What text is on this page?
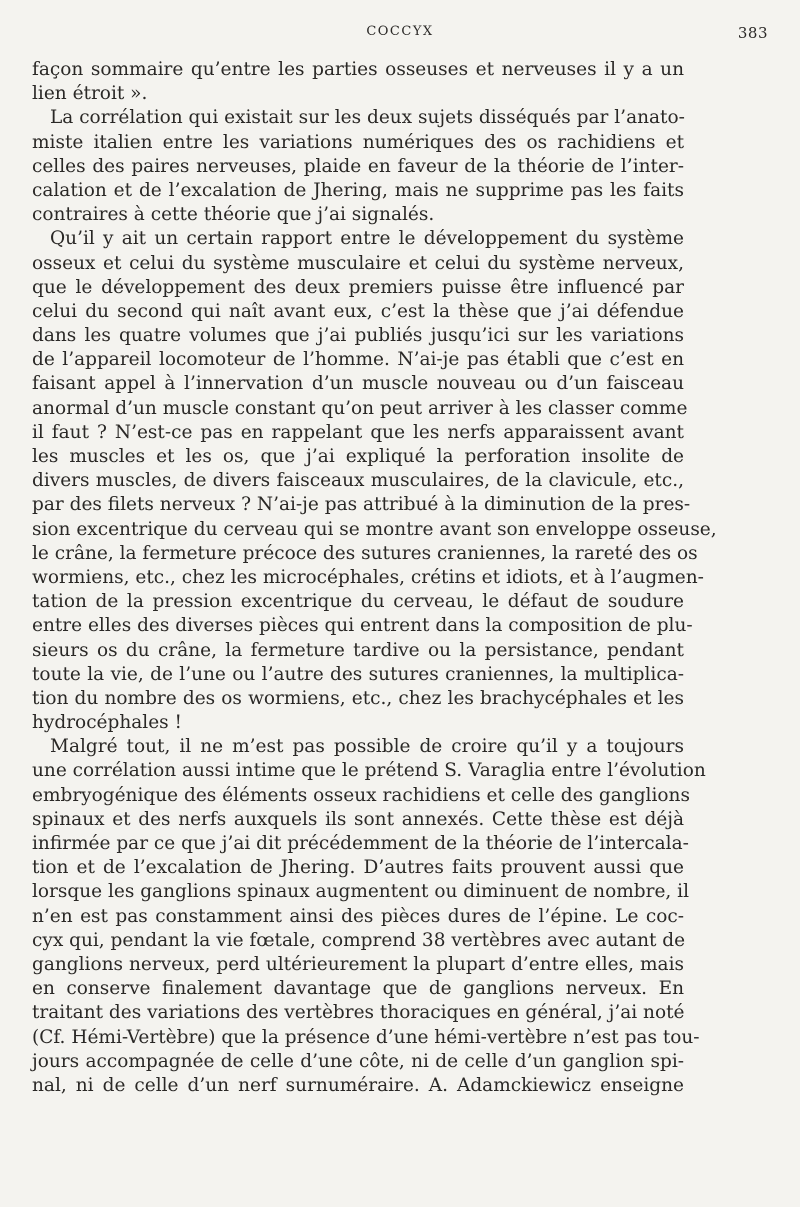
COCCYX	383
façon sommaire qu’entre les parties osseuses et nerveuses il y a un
lien étroit ».
La corrélation qui existait sur les deux sujets disséqués par l’anato-
miste italien entre les variations numériques des os rachidiens et
celles des paires nerveuses, plaide en faveur de la théorie de l’inter-
calation et de l’excalation de Jhering, mais ne supprime pas les faits
contraires à cette théorie que j’ai signalés.
Qu’il y ait un certain rapport entre le développement du système
osseux et celui du système musculaire et celui du système nerveux,
que le développement des deux premiers puisse être influencé par
celui du second qui naît avant eux, c’est la thèse que j’ai défendue
dans les quatre volumes que j’ai publiés jusqu’ici sur les variations
de l’appareil locomoteur de l’homme. N’ai-je pas établi que c’est en
faisant appel à l’innervation d’un muscle nouveau ou d’un faisceau
anormal d’un muscle constant qu’on peut arriver à les classer comme
il faut ? N’est-ce pas en rappelant que les nerfs apparaissent avant
les muscles et les os, que j’ai expliqué la perforation insolite de
divers muscles, de divers faisceaux musculaires, de la clavicule, etc.,
par des filets nerveux ? N’ai-je pas attribué à la diminution de la pres-
sion excentrique du cerveau qui se montre avant son enveloppe osseuse,
le crâne, la fermeture précoce des sutures craniennes, la rareté des os
wormiens, etc., chez les microcéphales, crétins et idiots, et à l’augmen-
tation de la pression excentrique du cerveau, le défaut de soudure
entre elles des diverses pièces qui entrent dans la composition de plu-
sieurs os du crâne, la fermeture tardive ou la persistance, pendant
toute la vie, de l’une ou l’autre des sutures craniennes, la multiplica-
tion du nombre des os wormiens, etc., chez les brachycéphales et les
hydrocéphales !
Malgré tout, il ne m’est pas possible de croire qu’il y a toujours
une corrélation aussi intime que le prétend S. Varaglia entre l’évolution
embryogénique des éléments osseux rachidiens et celle des ganglions
spinaux et des nerfs auxquels ils sont annexés. Cette thèse est déjà
infirmée par ce que j’ai dit précédemment de la théorie de l’intercala-
tion et de l’excalation de Jhering. D’autres faits prouvent aussi que
lorsque les ganglions spinaux augmentent ou diminuent de nombre, il
n’en est pas constamment ainsi des pièces dures de l’épine. Le coc-
cyx qui, pendant la vie fœtale, comprend 38 vertèbres avec autant de
ganglions nerveux, perd ultérieurement la plupart d’entre elles, mais
en conserve finalement davantage que de ganglions nerveux. En
traitant des variations des vertèbres thoraciques en général, j’ai noté
(Cf. Hémi-Vertèbre) que la présence d’une hémi-vertèbre n’est pas tou-
jours accompagnée de celle d’une côte, ni de celle d’un ganglion spi-
nal, ni de celle d’un nerf surnuméraire. A. Adamckiewicz enseigne
